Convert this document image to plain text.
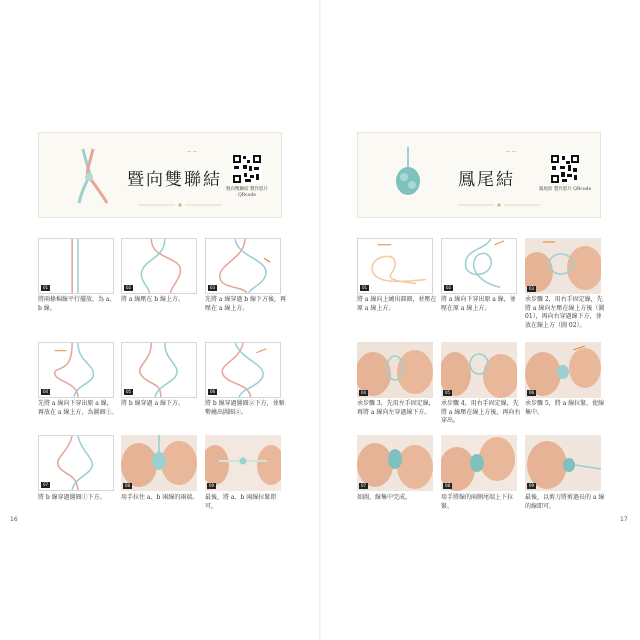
~ ~
暨向雙聯結 暨向雙聯結 製作影片 QRcode
01	02	03
將兩條棉線平行擺放，為 a、b 線。
將 a 線壓在 b 線上方。	先將 a 線穿過 b 線下方後，再壓在 a 線上方。
04	05	06
先將 a 線向下穿出原 a 線，再放在 a 線上方，為圖圈①。
將 b 線穿過 a 線下方。	將 b 線穿過圖圈②下方，並順勢繞出圖圈②。
07	08	09
將 b 線穿過圖圈①下方。	用手拉住 a、b 兩線的兩端。	最後，將 a、b 兩線拉緊即可。
16
~ ~
鳳尾結	鳳尾結 製作影片 QRcode
01	02	03
將 a 線向上繞出圓圈，並壓在原 a 線上方。
將 a 線向下穿出原 a 線，並壓在原 a 線上方。
承步驟 2，用右手固定線，先將 a 線向左壓在線上方後（圖 01），再向右穿過線下方，並放在線上方（圖 02）。
04	05	06
承步驟 3，先用左手固定線，再將 a 線向左穿過線下方。
承步驟 4，用右手固定線，先將 a 線壓在線上方後，再向右穿出。
承步驟 5，將 a 線拉緊，使線集中。
07	08	09
如圖，線集中完成。	用手將線的兩側尾端上下拉緊。
最後，以剪刀將剪過長的 a 線的線即可。
17
